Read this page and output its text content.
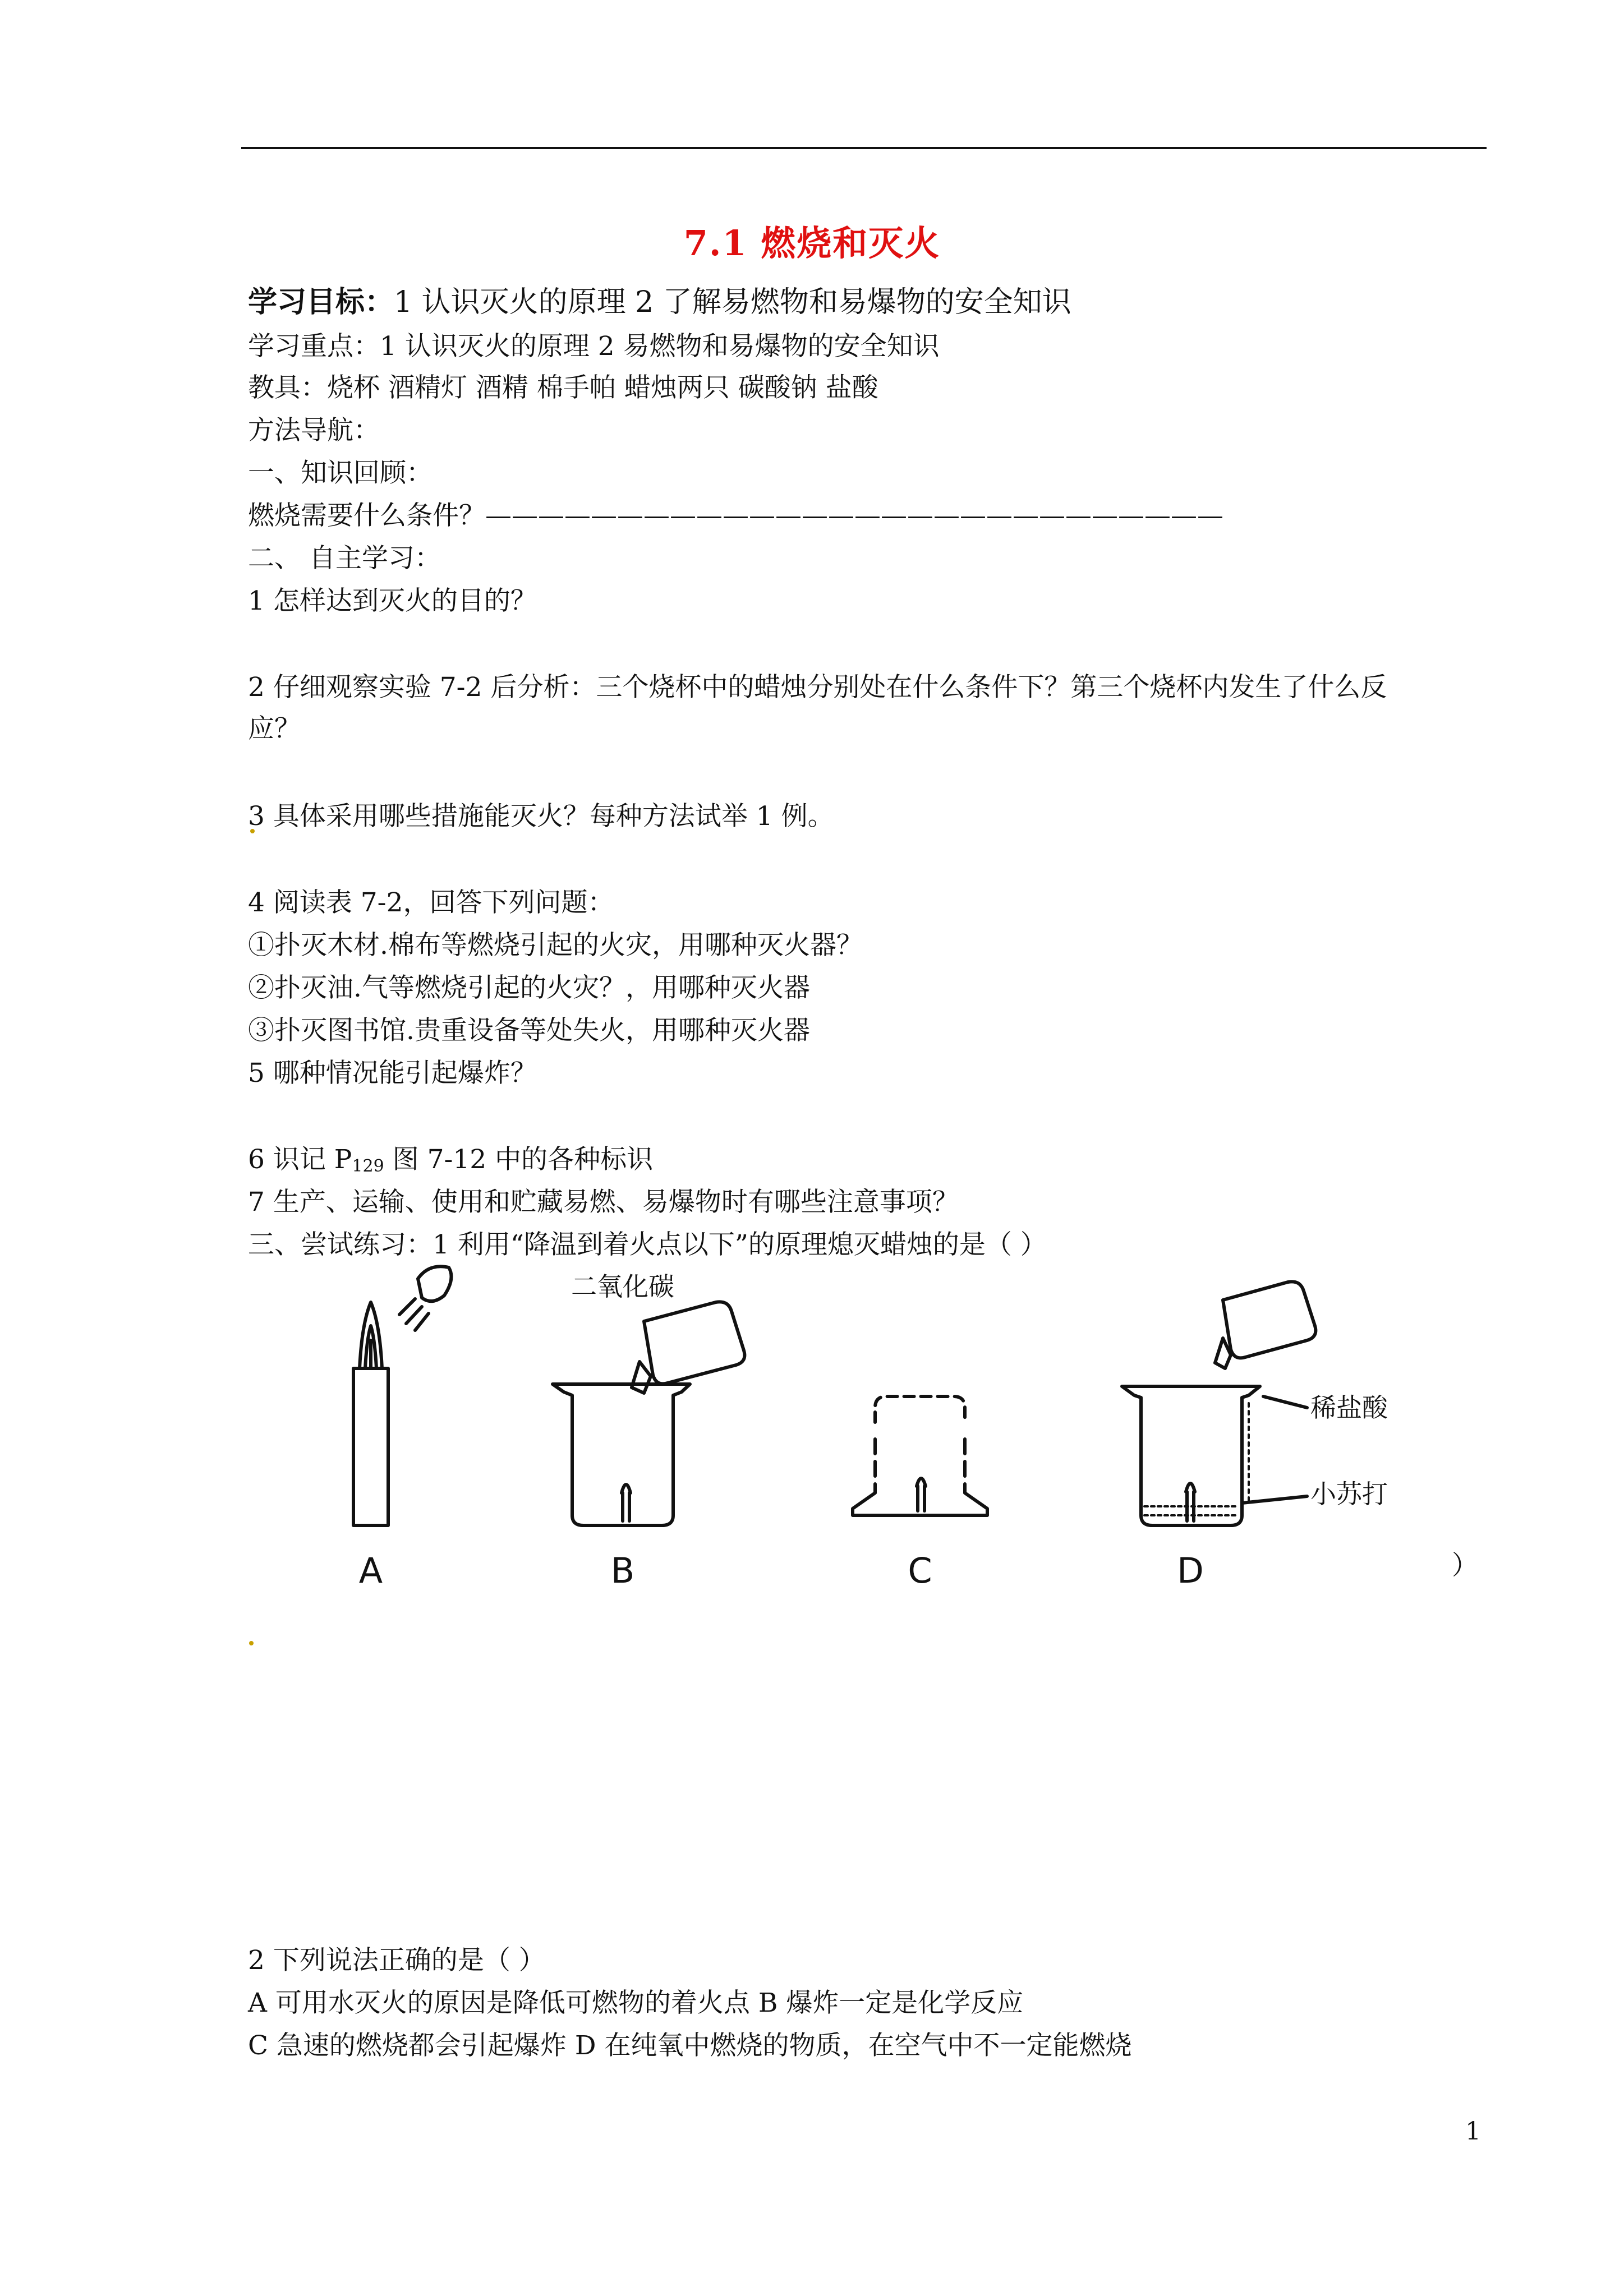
7.1 燃烧和灭火
学习目标：1 认识灭火的原理 2 了解易燃物和易爆物的安全知识
学习重点：1 认识灭火的原理 2 易燃物和易爆物的安全知识
教具：烧杯 酒精灯 酒精 棉手帕 蜡烛两只 碳酸钠 盐酸
方法导航：
一、知识回顾：
燃烧需要什么条件？————————————————————————————
二、 自主学习：
1 怎样达到灭火的目的？
2 仔细观察实验 7-2 后分析：三个烧杯中的蜡烛分别处在什么条件下？第三个烧杯内发生了什么反
应？
3 具体采用哪些措施能灭火？每种方法试举 1 例。
4 阅读表 7-2，回答下列问题：
①扑灭木材.棉布等燃烧引起的火灾，用哪种灭火器？
②扑灭油.气等燃烧引起的火灾？，用哪种灭火器
③扑灭图书馆.贵重设备等处失火，用哪种灭火器
5 哪种情况能引起爆炸？
6 识记 $P_{129}$ 图 7-12 中的各种标识
7 生产、运输、使用和贮藏易燃、易爆物时有哪些注意事项？
三、尝试练习：1 利用“降温到着火点以下”的原理熄灭蜡烛的是（ ）
二氧化碳
稀盐酸
小苏打
A	B	C	D	）
2 下列说法正确的是（ ）
A 可用水灭火的原因是降低可燃物的着火点 B 爆炸一定是化学反应
C 急速的燃烧都会引起爆炸 D 在纯氧中燃烧的物质，在空气中不一定能燃烧
1
